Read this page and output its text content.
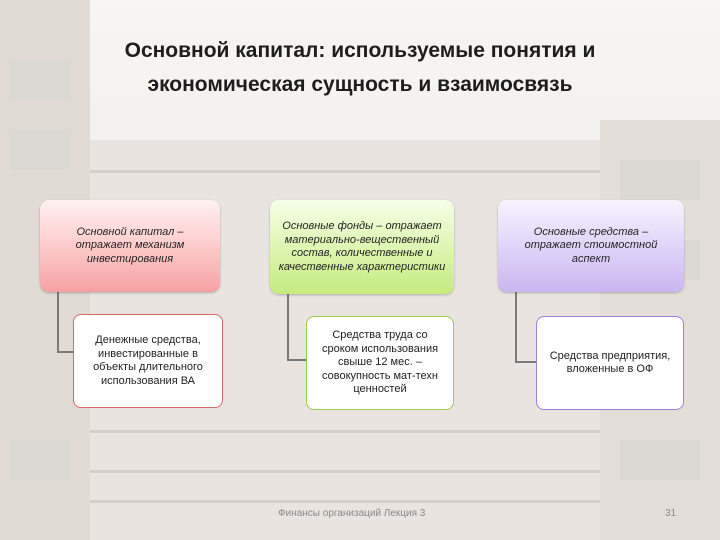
Основной капитал: используемые понятия и
экономическая сущность и взаимосвязь
Основной капитал – отражает механизм инвестирования
Денежные средства, инвестированные в объекты длительного использования ВА
Основные фонды – отражает материально-вещественный состав, количественные и качественные характеристики
Средства труда со сроком использования свыше 12 мес. – совокупность мат-техн ценностей
Основные средства – отражает стоимостной аспект
Средства предприятия, вложенные в ОФ
Финансы организаций Лекция 3	31
